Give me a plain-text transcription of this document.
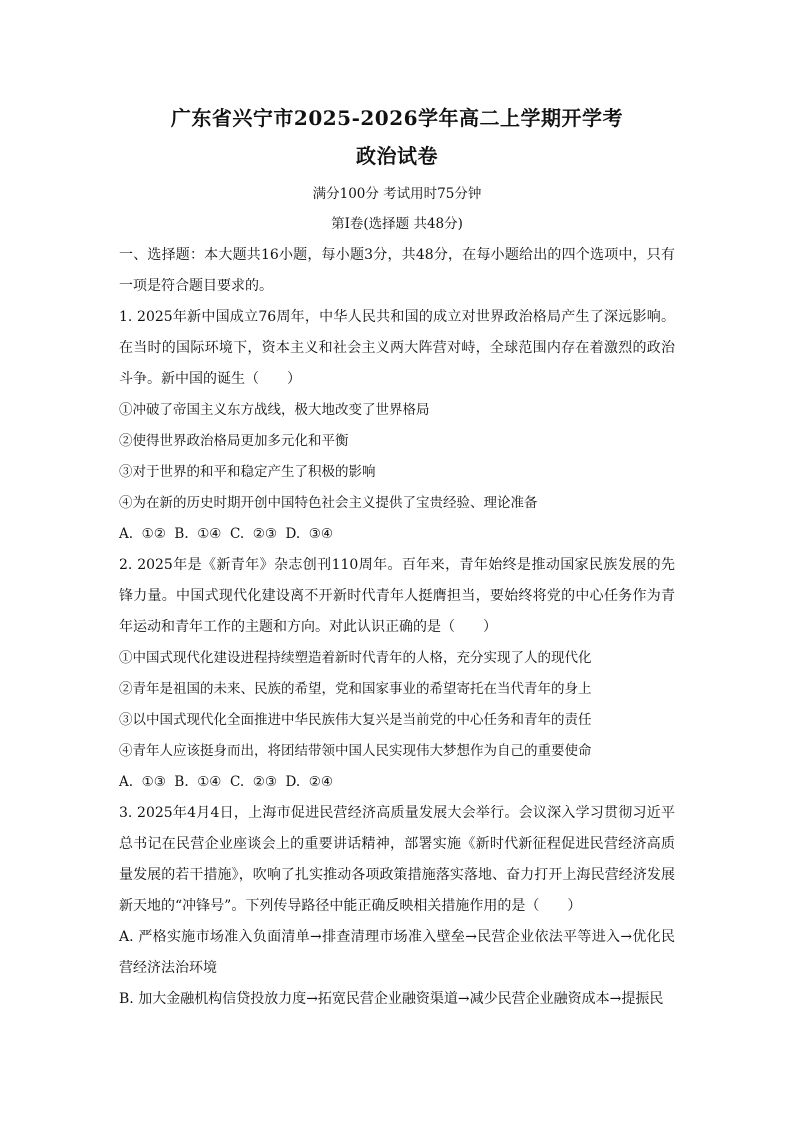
广东省兴宁市2025-2026学年高二上学期开学考
政治试卷
满分100分 考试用时75分钟
第Ⅰ卷(选择题 共48分)

一、选择题：本大题共16小题，每小题3分，共48分，在每小题给出的四个选项中，只有一项是符合题目要求的。

1. 2025年新中国成立76周年，中华人民共和国的成立对世界政治格局产生了深远影响。在当时的国际环境下，资本主义和社会主义两大阵营对峙，全球范围内存在着激烈的政治斗争。新中国的诞生（　　）

①冲破了帝国主义东方战线，极大地改变了世界格局

②使得世界政治格局更加多元化和平衡

③对于世界的和平和稳定产生了积极的影响

④为在新的历史时期开创中国特色社会主义提供了宝贵经验、理论准备

A.  ①②  B.  ①④  C.  ②③  D.  ③④

2. 2025年是《新青年》杂志创刊110周年。百年来，青年始终是推动国家民族发展的先锋力量。中国式现代化建设离不开新时代青年人挺膺担当，要始终将党的中心任务作为青年运动和青年工作的主题和方向。对此认识正确的是（　　）

①中国式现代化建设进程持续塑造着新时代青年的人格，充分实现了人的现代化

②青年是祖国的未来、民族的希望，党和国家事业的希望寄托在当代青年的身上

③以中国式现代化全面推进中华民族伟大复兴是当前党的中心任务和青年的责任

④青年人应该挺身而出，将团结带领中国人民实现伟大梦想作为自己的重要使命

A.  ①③  B.  ①④  C.  ②③  D.  ②④

3. 2025年4月4日，上海市促进民营经济高质量发展大会举行。会议深入学习贯彻习近平总书记在民营企业座谈会上的重要讲话精神，部署实施《新时代新征程促进民营经济高质量发展的若干措施》，吹响了扎实推动各项政策措施落实落地、奋力打开上海民营经济发展新天地的“冲锋号”。下列传导路径中能正确反映相关措施作用的是（　　）

A. 严格实施市场准入负面清单→排查清理市场准入壁垒→民营企业依法平等进入→优化民营经济法治环境

B. 加大金融机构信贷投放力度→拓宽民营企业融资渠道→减少民营企业融资成本→提振民
